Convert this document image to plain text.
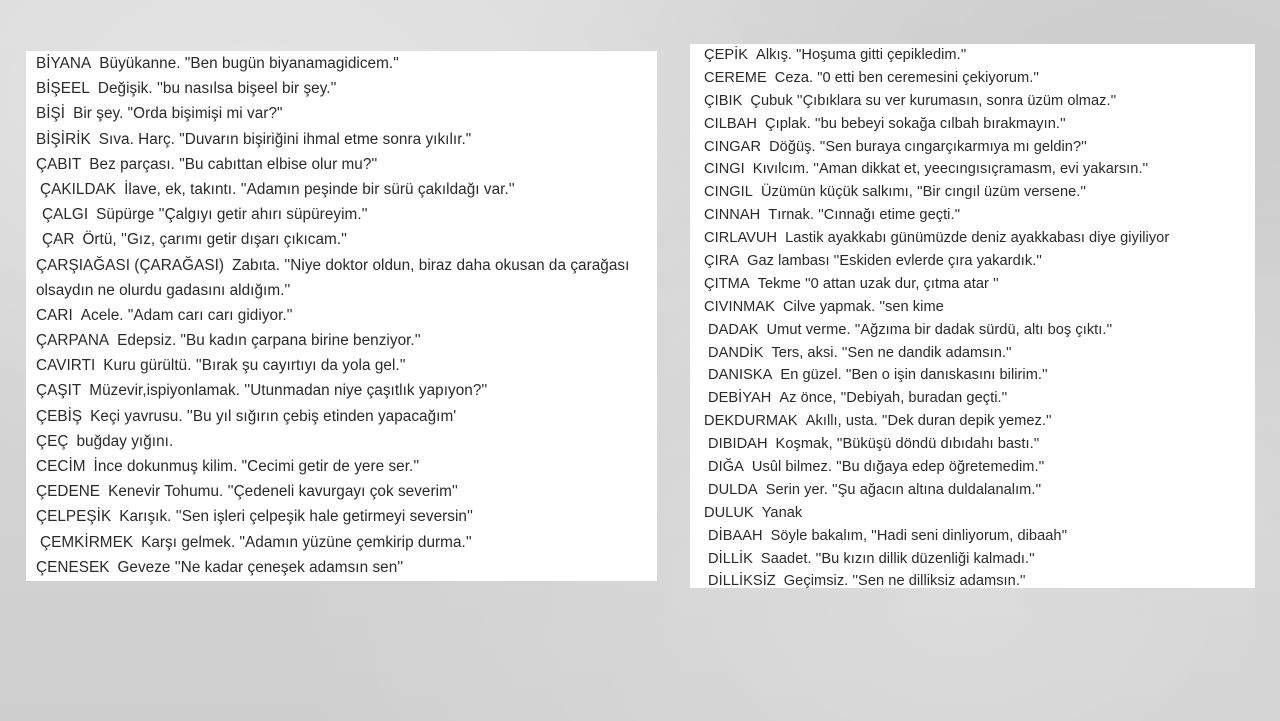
BİYANA Büyükanne. "Ben bugün biyanamagidicem."

BİŞEEL Değişik. ''bu nasılsa bişeel bir şey.''

BİŞİ Bir şey. "Orda bişimişi mi var?"

BİŞİRİK Sıva. Harç. "Duvarın bişiriğini ihmal etme sonra yıkılır."

ÇABIT Bez parçası. "Bu cabıttan elbise olur mu?''

ÇAKILDAK İlave, ek, takıntı. ''Adamın peşinde bir sürü çakıldağı var.''

ÇALGI Süpürge ''Çalgıyı getir ahırı süpüreyim.''

ÇAR Örtü, ''Gız, çarımı getir dışarı çıkıcam.''

ÇARŞIAĞASI (ÇARAĞASI) Zabıta. ''Niye doktor oldun, biraz daha okusan da çarağası olsaydın ne olurdu gadasını aldığım.''

CARI Acele. "Adam carı carı gidiyor.''

ÇARPANA Edepsiz. "Bu kadın çarpana birine benziyor.''

CAVIRTI Kuru gürültü. ''Bırak şu cayırtıyı da yola gel.''

ÇAŞIT Müzevir,ispiyonlamak. ''Utunmadan niye çaşıtlık yapıyon?''

ÇEBİŞ Keçi yavrusu. ''Bu yıl sığırın çebiş etinden yapacağım'

ÇEÇ buğday yığını.

CECİM İnce dokunmuş kilim. "Cecimi getir de yere ser.''

ÇEDENE Kenevir Tohumu. ''Çedeneli kavurgayı çok severim''

ÇELPEŞİK Karışık. ''Sen işleri çelpeşik hale getirmeyi seversin''

ÇEMKİRMEK Karşı gelmek. "Adamın yüzüne çemkirip durma.''

ÇENESEK Geveze ''Ne kadar çeneşek adamsın sen''

ÇEPİK Alkış. "Hoşuma gitti çepikledim.''

CEREME Ceza. "0 etti ben ceremesini çekiyorum.''

ÇIBIK Çubuk ''Çıbıklara su ver kurumasın, sonra üzüm olmaz.''

CILBAH Çıplak. ''bu bebeyi sokağa cılbah bırakmayın.''

CINGAR Döğüş. ''Sen buraya cıngarçıkarmıya mı geldin?''

CINGI Kıvılcım. ''Aman dikkat et, yeecıngısıçramasm, evi yakarsın.''

CINGIL Üzümün küçük salkımı, ''Bir cıngıl üzüm versene.''

CINNAH Tırnak. ''Cınnağı etime geçti.''

CIRLAVUH Lastik ayakkabı günümüzde deniz ayakkabası diye giyiliyor

ÇIRA Gaz lambası ''Eskiden evlerde çıra yakardık.''

ÇITMA Tekme ''0 attan uzak dur, çıtma atar ''

CIVINMAK Cilve yapmak. ''sen kime

DADAK Umut verme. ''Ağzıma bir dadak sürdü, altı boş çıktı.''

DANDİK Ters, aksi. ''Sen ne dandik adamsın.''

DANISKA En güzel. ''Ben o işin danıskasını bilirim.''

DEBİYAH Az önce, ''Debiyah, buradan geçti.''

DEKDURMAK Akıllı, usta. ''Dek duran depik yemez.''

DIBIDAH Koşmak, ''Büküşü döndü dıbıdahı bastı.''

DIĞA Usûl bilmez. ''Bu dığaya edep öğretemedim.''

DULDA Serin yer. ''Şu ağacın altına duldalanalım.''

DULUK Yanak

DİBAAH Söyle bakalım, ''Hadi seni dinliyorum, dibaah''

DİLLİK Saadet. ''Bu kızın dillik düzenliği kalmadı.''

DİLLİKSİZ Geçimsiz. ''Sen ne dilliksiz adamsın.''
